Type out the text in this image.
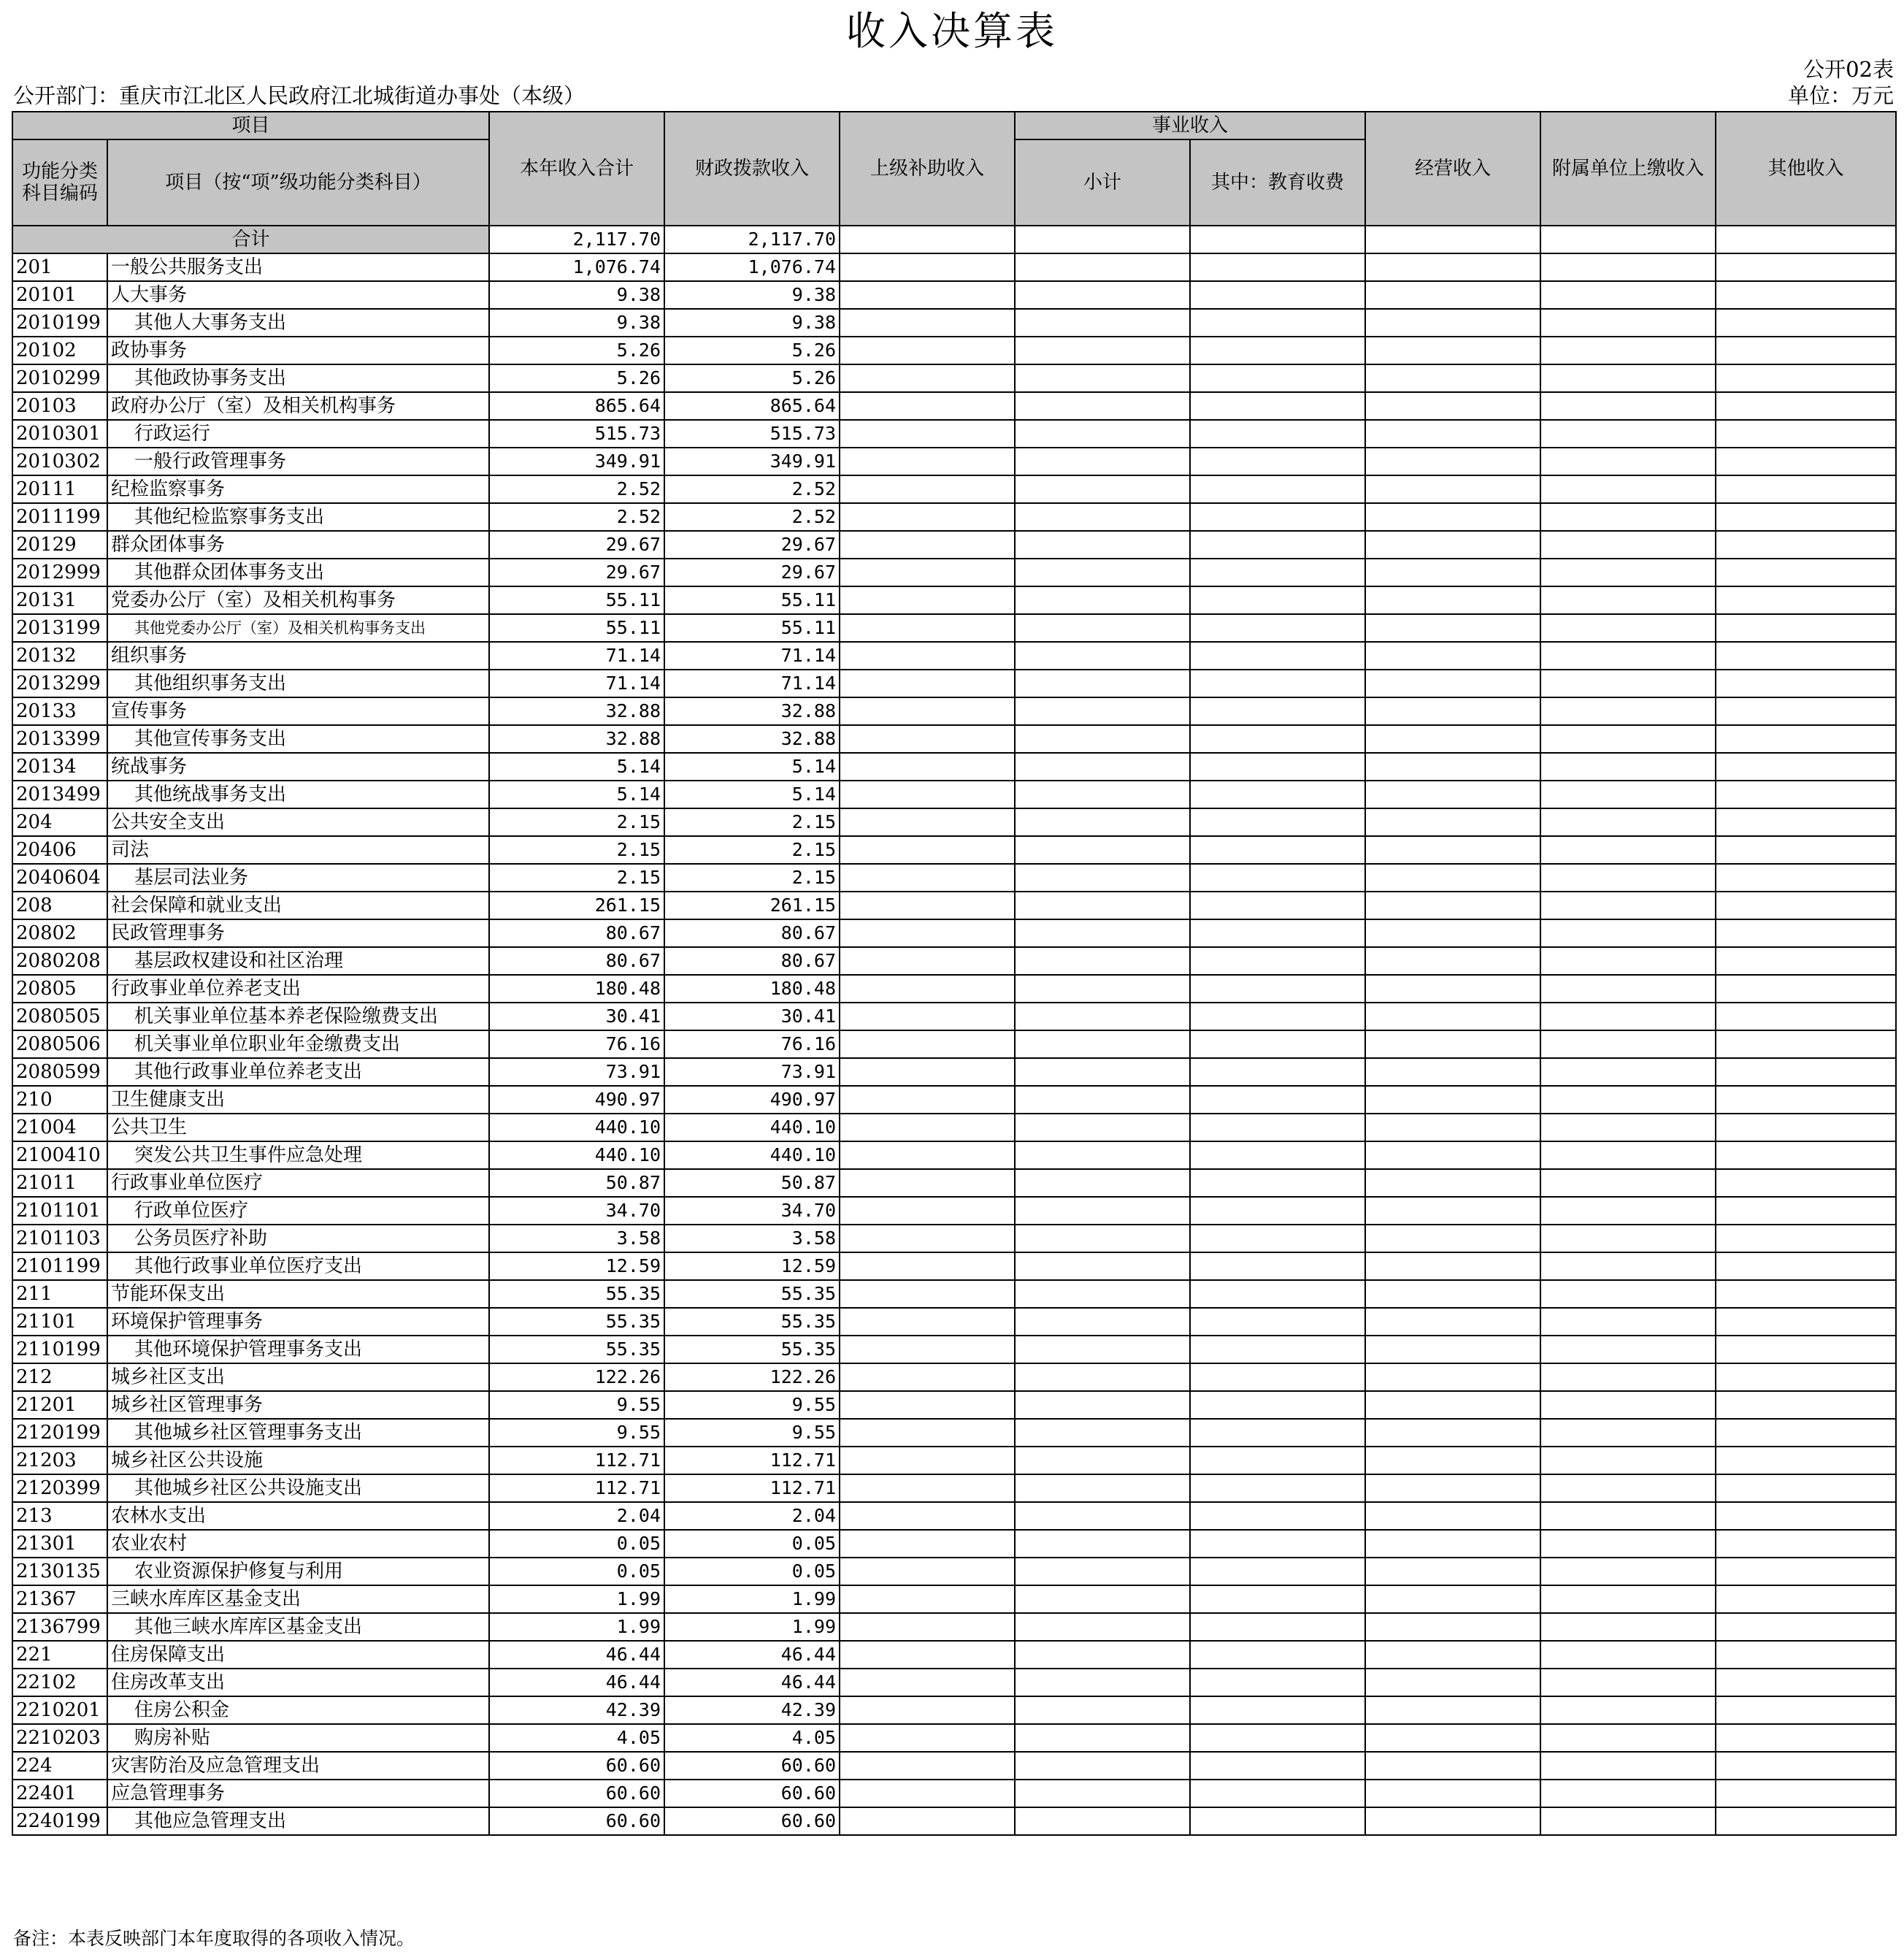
收入决算表
公开02表
公开部门：重庆市江北区人民政府江北城街道办事处（本级）	单位：万元
项目		本年收入合计	财政拨款收入	上级补助收入	事业收入		经营收入	附属单位上缴收入	其他收入
功能分类科目编码	项目（按“项”级功能分类科目）				小计	其中：教育收费			
合计		2,117.70	2,117.70						
201	一般公共服务支出	1,076.74	1,076.74						
20101	人大事务	9.38	9.38						
2010199	其他人大事务支出	9.38	9.38						
20102	政协事务	5.26	5.26						
2010299	其他政协事务支出	5.26	5.26						
20103	政府办公厅（室）及相关机构事务	865.64	865.64						
2010301	行政运行	515.73	515.73						
2010302	一般行政管理事务	349.91	349.91						
20111	纪检监察事务	2.52	2.52						
2011199	其他纪检监察事务支出	2.52	2.52						
20129	群众团体事务	29.67	29.67						
2012999	其他群众团体事务支出	29.67	29.67						
20131	党委办公厅（室）及相关机构事务	55.11	55.11						
2013199	其他党委办公厅（室）及相关机构事务支出	55.11	55.11						
20132	组织事务	71.14	71.14						
2013299	其他组织事务支出	71.14	71.14						
20133	宣传事务	32.88	32.88						
2013399	其他宣传事务支出	32.88	32.88						
20134	统战事务	5.14	5.14						
2013499	其他统战事务支出	5.14	5.14						
204	公共安全支出	2.15	2.15						
20406	司法	2.15	2.15						
2040604	基层司法业务	2.15	2.15						
208	社会保障和就业支出	261.15	261.15						
20802	民政管理事务	80.67	80.67						
2080208	基层政权建设和社区治理	80.67	80.67						
20805	行政事业单位养老支出	180.48	180.48						
2080505	机关事业单位基本养老保险缴费支出	30.41	30.41						
2080506	机关事业单位职业年金缴费支出	76.16	76.16						
2080599	其他行政事业单位养老支出	73.91	73.91						
210	卫生健康支出	490.97	490.97						
21004	公共卫生	440.10	440.10						
2100410	突发公共卫生事件应急处理	440.10	440.10						
21011	行政事业单位医疗	50.87	50.87						
2101101	行政单位医疗	34.70	34.70						
2101103	公务员医疗补助	3.58	3.58						
2101199	其他行政事业单位医疗支出	12.59	12.59						
211	节能环保支出	55.35	55.35						
21101	环境保护管理事务	55.35	55.35						
2110199	其他环境保护管理事务支出	55.35	55.35						
212	城乡社区支出	122.26	122.26						
21201	城乡社区管理事务	9.55	9.55						
2120199	其他城乡社区管理事务支出	9.55	9.55						
21203	城乡社区公共设施	112.71	112.71						
2120399	其他城乡社区公共设施支出	112.71	112.71						
213	农林水支出	2.04	2.04						
21301	农业农村	0.05	0.05						
2130135	农业资源保护修复与利用	0.05	0.05						
21367	三峡水库库区基金支出	1.99	1.99						
2136799	其他三峡水库库区基金支出	1.99	1.99						
221	住房保障支出	46.44	46.44						
22102	住房改革支出	46.44	46.44						
2210201	住房公积金	42.39	42.39						
2210203	购房补贴	4.05	4.05						
224	灾害防治及应急管理支出	60.60	60.60						
22401	应急管理事务	60.60	60.60						
2240199	其他应急管理支出	60.60	60.60						
备注：本表反映部门本年度取得的各项收入情况。
